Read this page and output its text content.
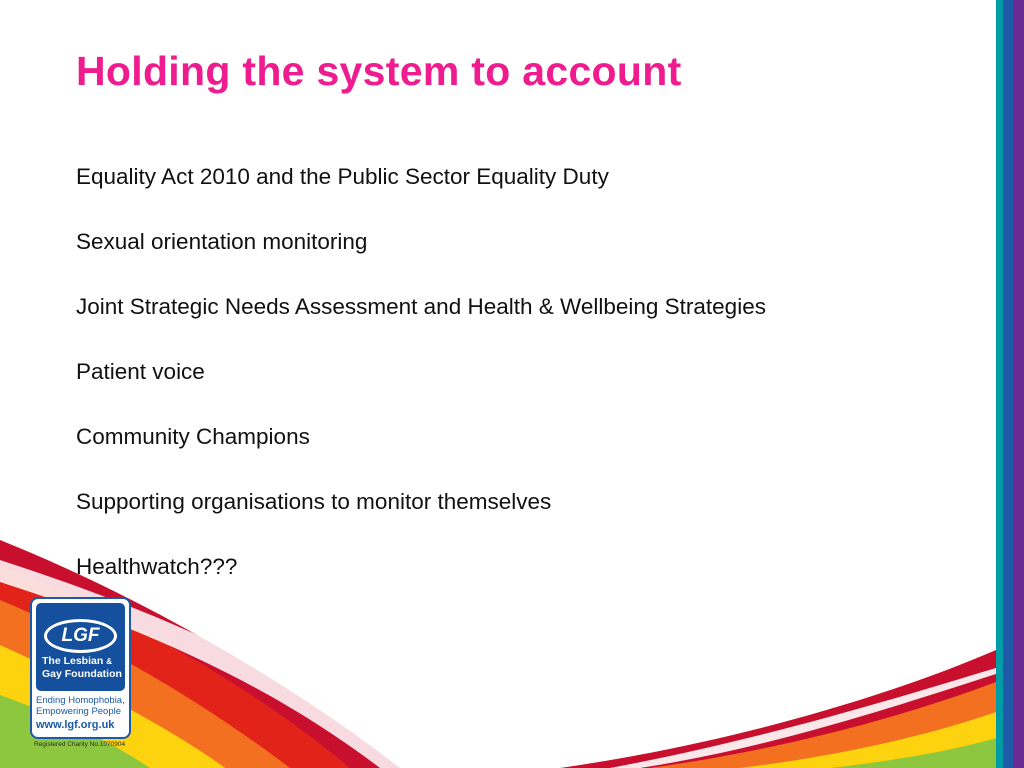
Holding the system to account
Equality Act 2010 and the Public Sector Equality Duty
Sexual orientation monitoring
Joint Strategic Needs Assessment and Health & Wellbeing Strategies
Patient voice
Community Champions
Supporting organisations to monitor themselves
Healthwatch???
LGF
The Lesbian &
Gay Foundation
Ending Homophobia,
Empowering People
www.lgf.org.uk
Registered Charity No.1070904
